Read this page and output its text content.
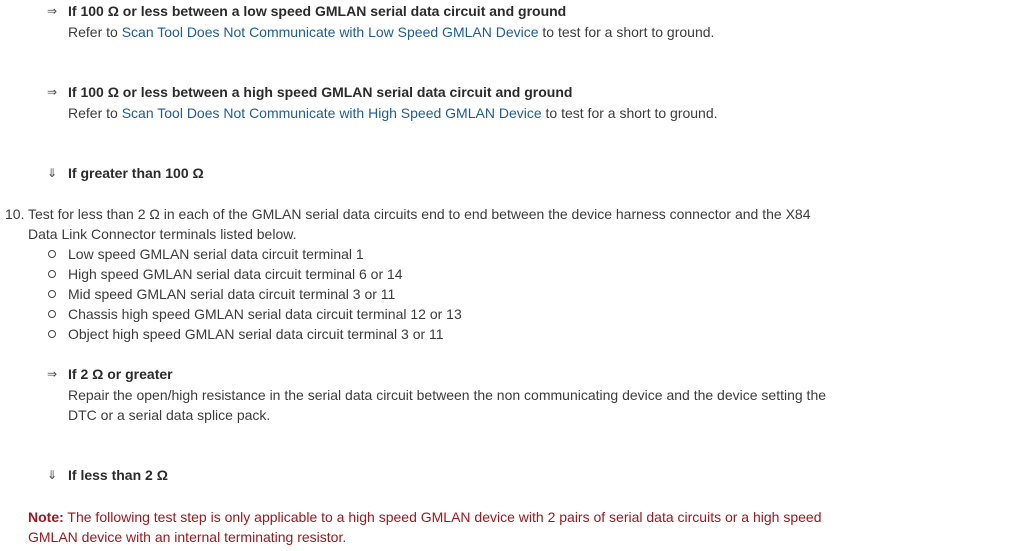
⇒ If 100 Ω or less between a low speed GMLAN serial data circuit and ground
Refer to Scan Tool Does Not Communicate with Low Speed GMLAN Device to test for a short to ground.
⇒ If 100 Ω or less between a high speed GMLAN serial data circuit and ground
Refer to Scan Tool Does Not Communicate with High Speed GMLAN Device to test for a short to ground.
⇓ If greater than 100 Ω
10. Test for less than 2 Ω in each of the GMLAN serial data circuits end to end between the device harness connector and the X84
Data Link Connector terminals listed below.
Low speed GMLAN serial data circuit terminal 1
High speed GMLAN serial data circuit terminal 6 or 14
Mid speed GMLAN serial data circuit terminal 3 or 11
Chassis high speed GMLAN serial data circuit terminal 12 or 13
Object high speed GMLAN serial data circuit terminal 3 or 11
⇒ If 2 Ω or greater
Repair the open/high resistance in the serial data circuit between the non communicating device and the device setting the
DTC or a serial data splice pack.
⇓ If less than 2 Ω
Note: The following test step is only applicable to a high speed GMLAN device with 2 pairs of serial data circuits or a high speed
GMLAN device with an internal terminating resistor.
